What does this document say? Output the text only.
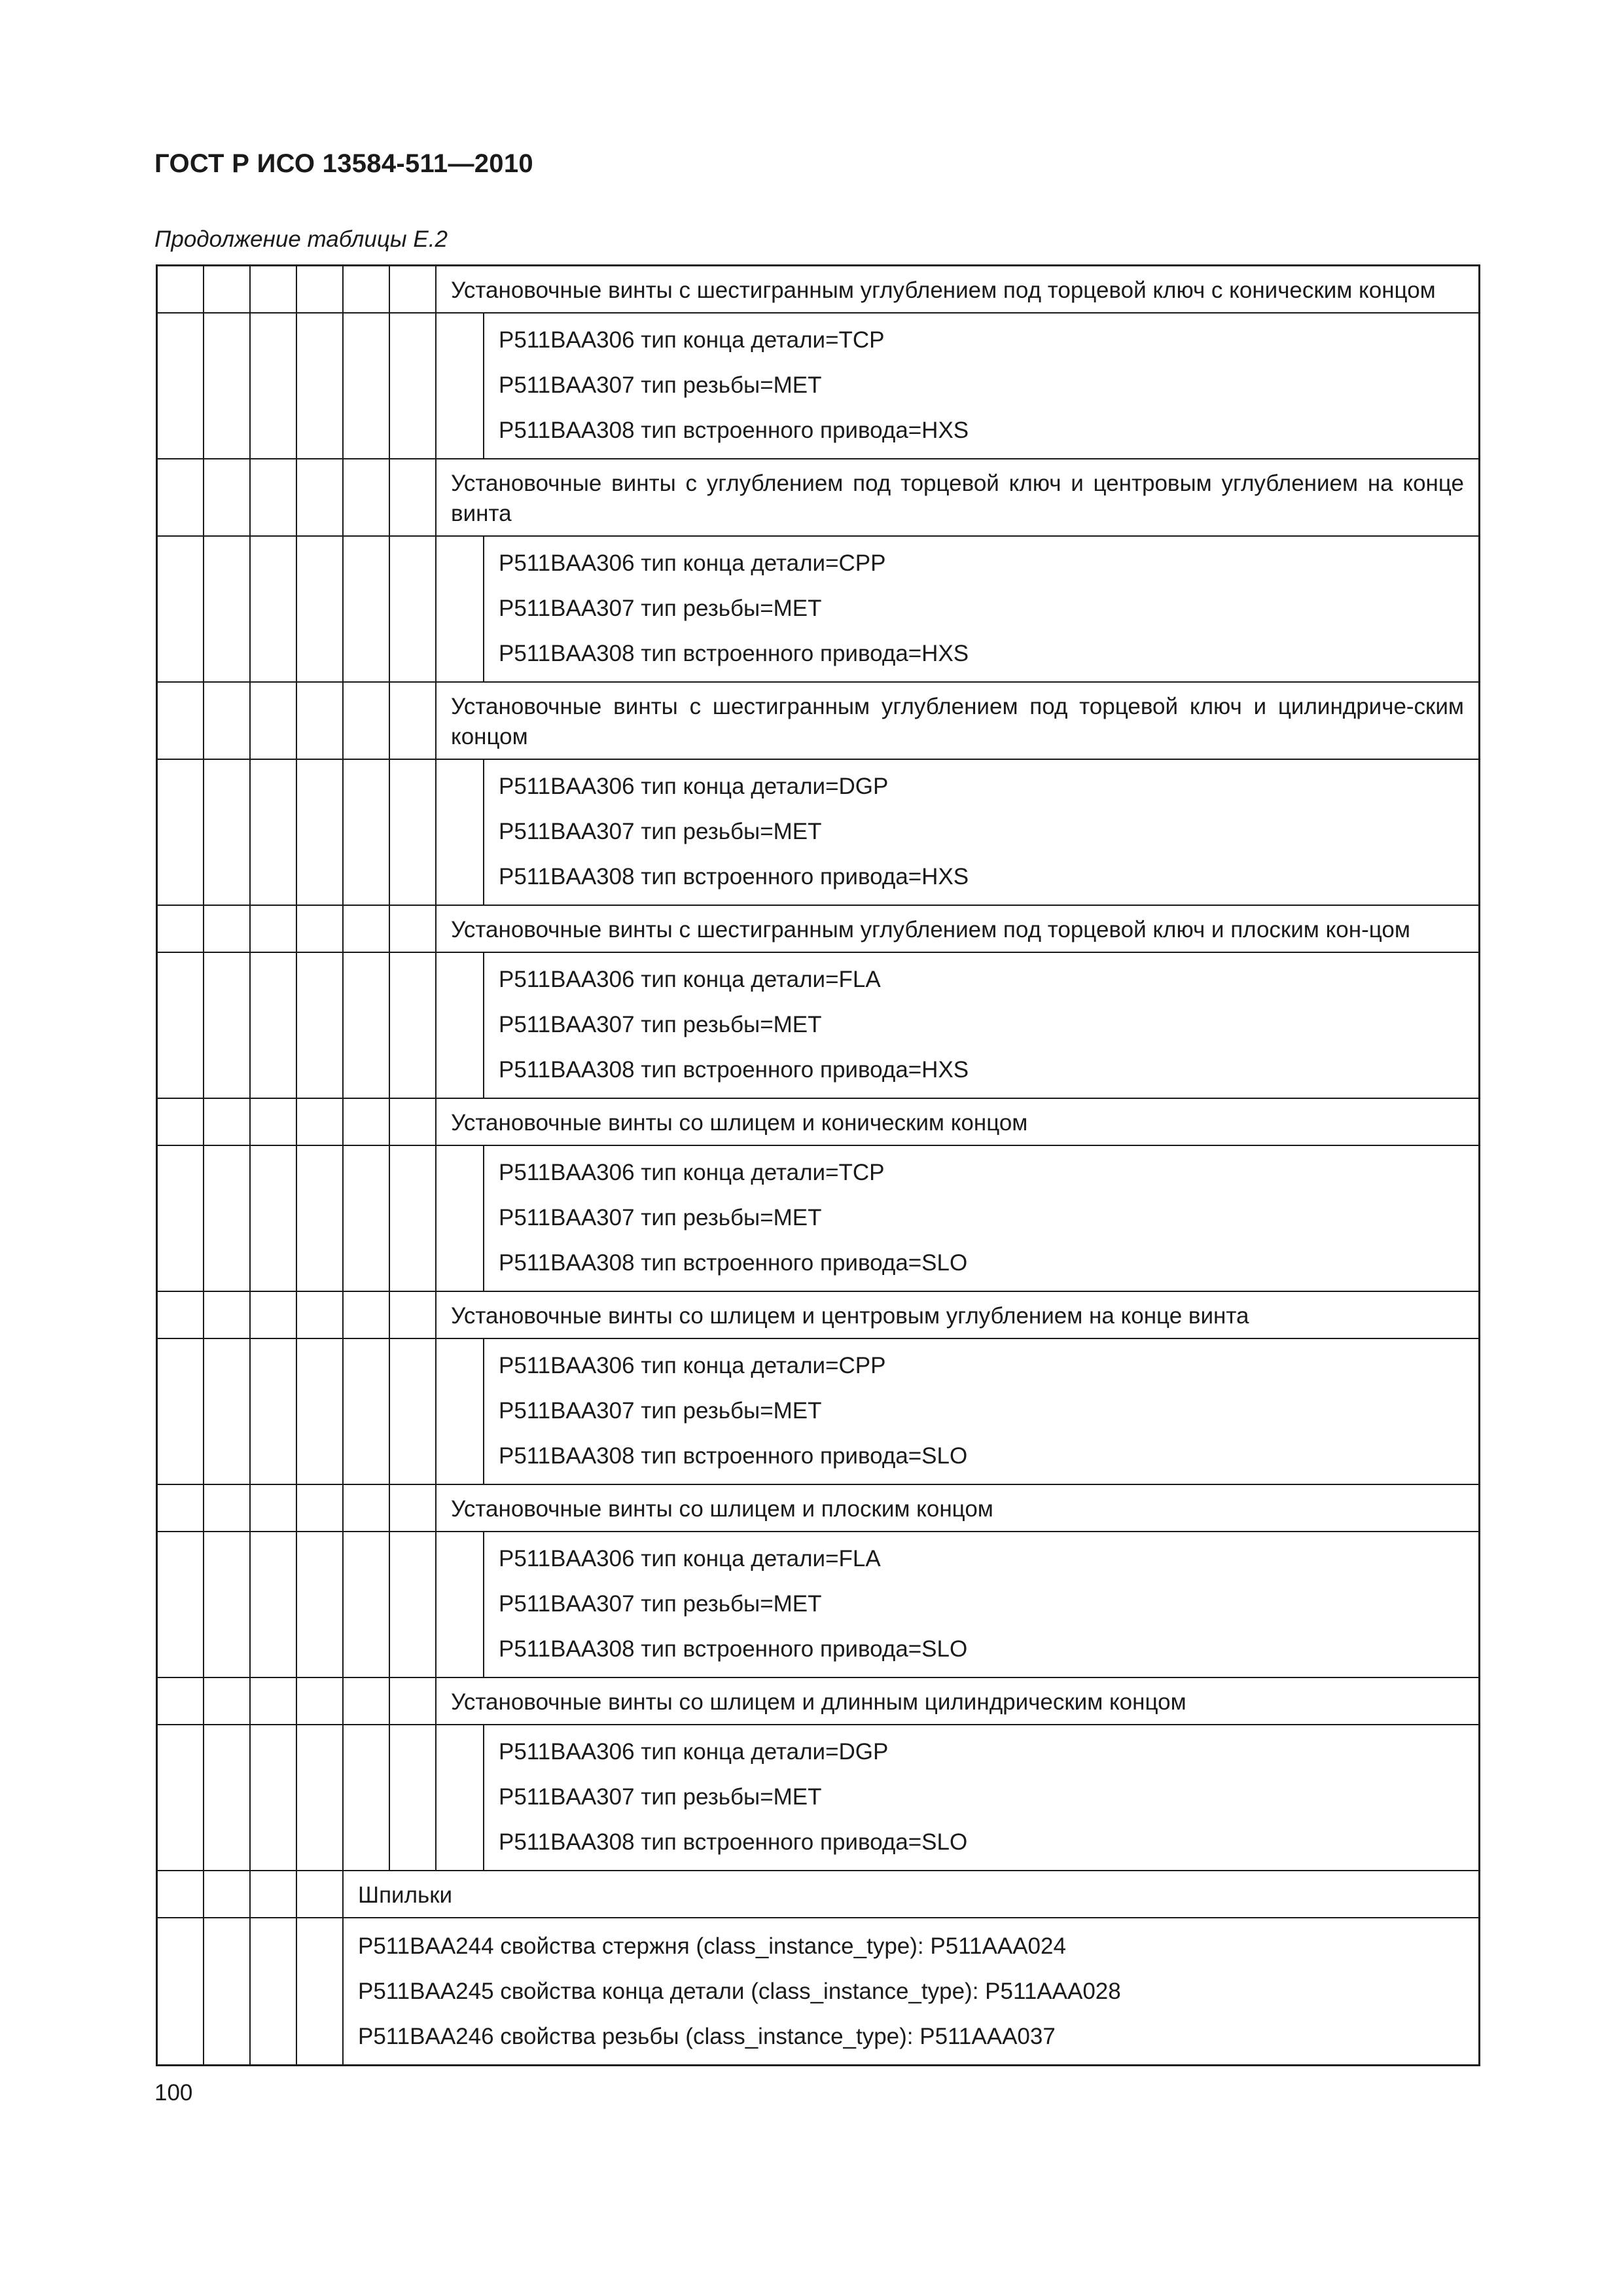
ГОСТ Р ИСО 13584-511—2010
Продолжение таблицы Е.2
Установочные винты с шестигранным углублением под торцевой ключ с коническим концом
P511BAA306 тип конца детали=TCP
P511BAA307 тип резьбы=MET
P511BAA308 тип встроенного привода=HXS
Установочные винты с углублением под торцевой ключ и центровым углублением на конце винта
P511BAA306 тип конца детали=CPP
P511BAA307 тип резьбы=MET
P511BAA308 тип встроенного привода=HXS
Установочные винты с шестигранным углублением под торцевой ключ и цилиндриче-ским концом
P511BAA306 тип конца детали=DGP
P511BAA307 тип резьбы=MET
P511BAA308 тип встроенного привода=HXS
Установочные винты с шестигранным углублением под торцевой ключ и плоским кон-цом
P511BAA306 тип конца детали=FLA
P511BAA307 тип резьбы=MET
P511BAA308 тип встроенного привода=HXS
Установочные винты со шлицем и коническим концом
P511BAA306 тип конца детали=TCP
P511BAA307 тип резьбы=MET
P511BAA308 тип встроенного привода=SLO
Установочные винты со шлицем и центровым углублением на конце винта
P511BAA306 тип конца детали=CPP
P511BAA307 тип резьбы=MET
P511BAA308 тип встроенного привода=SLO
Установочные винты со шлицем и плоским концом
P511BAA306 тип конца детали=FLA
P511BAA307 тип резьбы=MET
P511BAA308 тип встроенного привода=SLO
Установочные винты со шлицем и длинным цилиндрическим концом
P511BAA306 тип конца детали=DGP
P511BAA307 тип резьбы=MET
P511BAA308 тип встроенного привода=SLO
Шпильки
P511BAA244 свойства стержня (class_instance_type): P511AAA024
P511BAA245 свойства конца детали (class_instance_type): P511AAA028
P511BAA246 свойства резьбы (class_instance_type): P511AAA037
100
